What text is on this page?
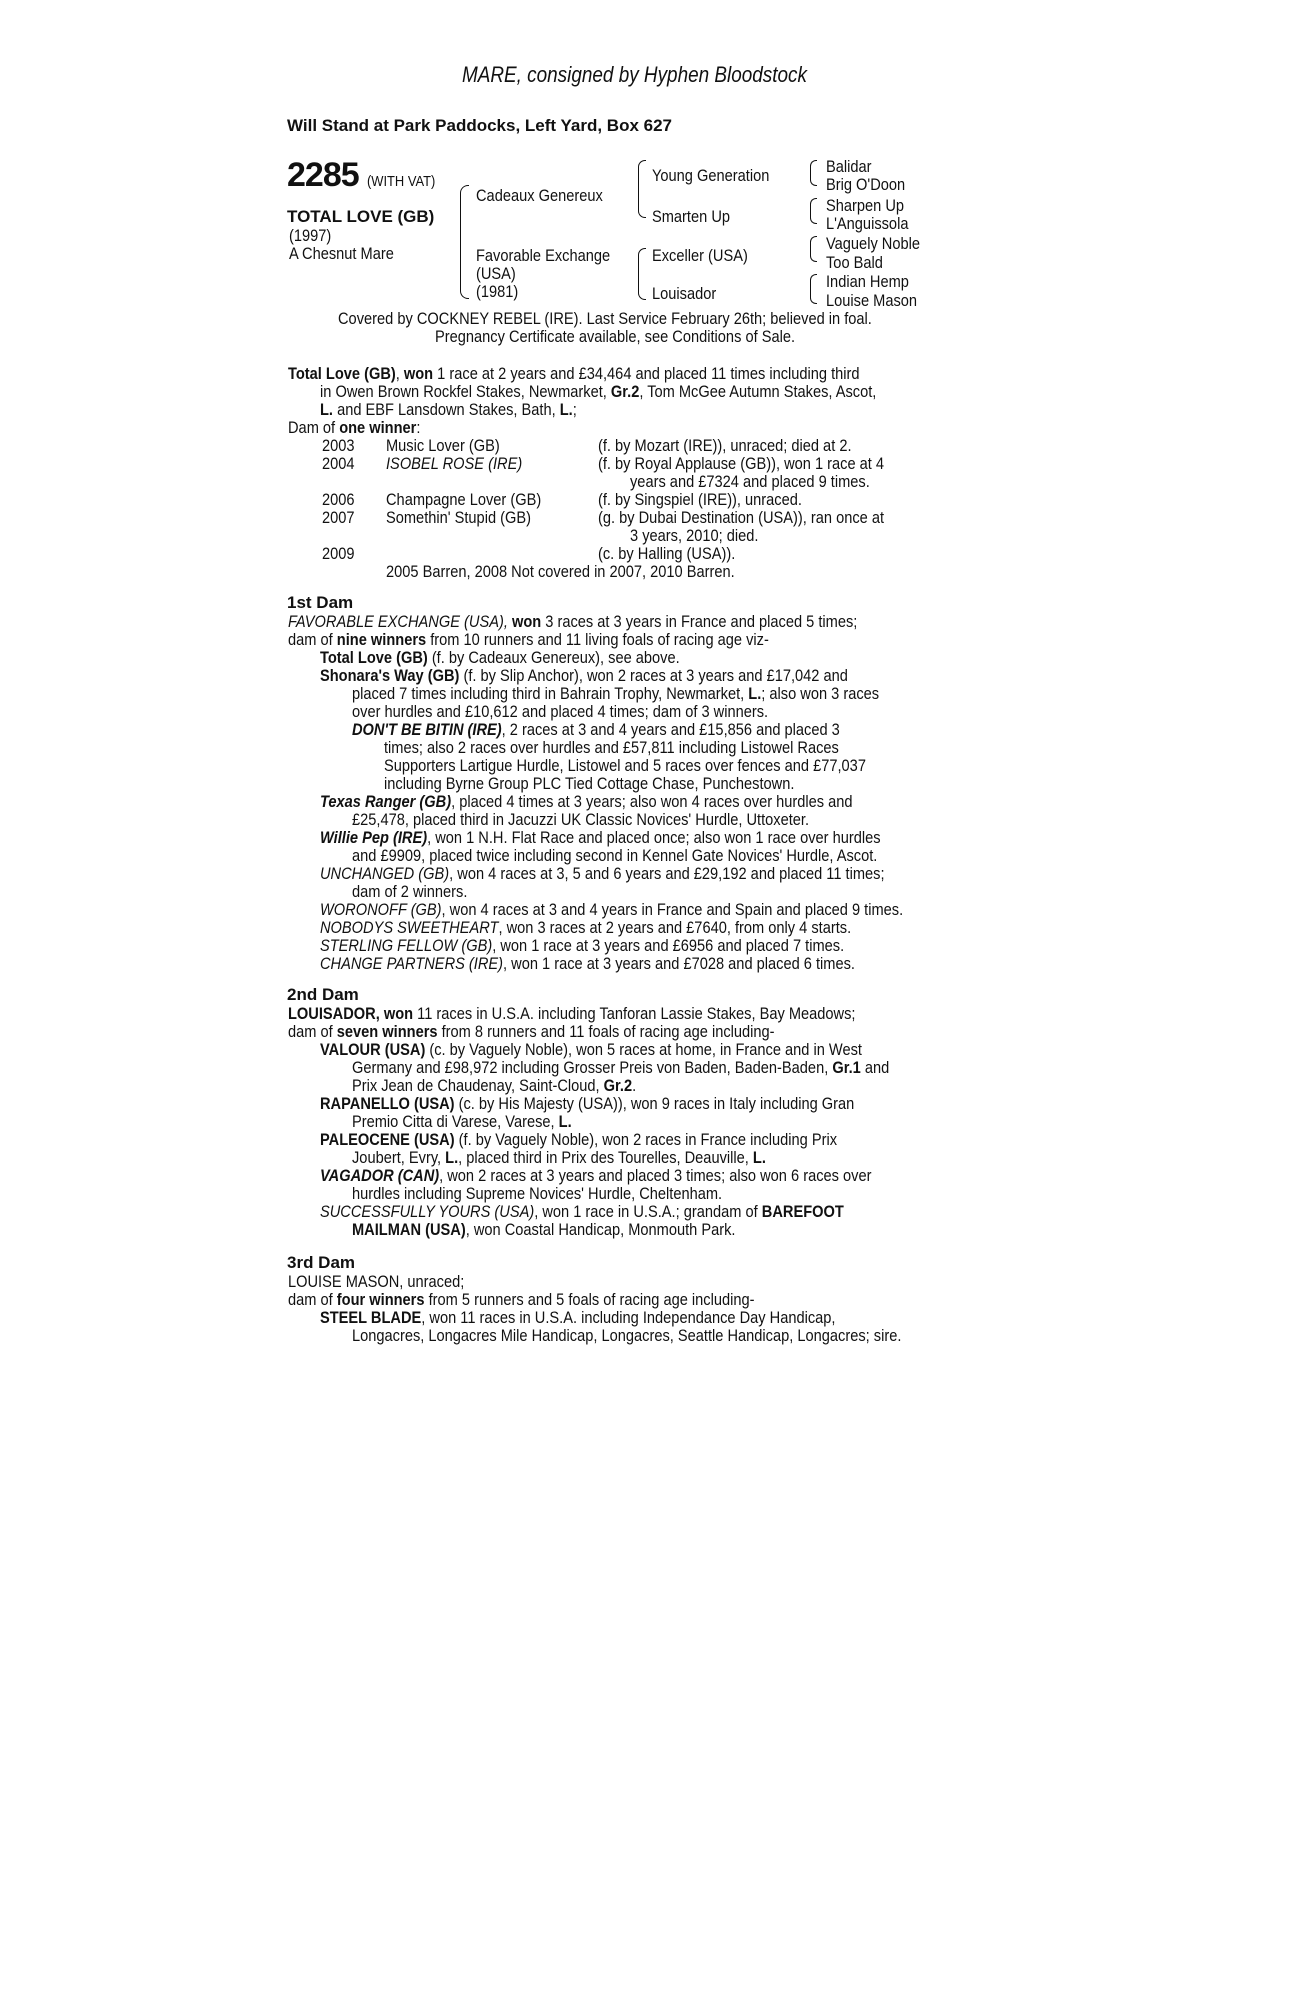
MARE, consigned by Hyphen Bloodstock
Will Stand at Park Paddocks, Left Yard, Box 627
2285 (WITH VAT)
TOTAL LOVE (GB)
(1997)
A Chesnut Mare
Cadeaux Genereux
Favorable Exchange
(USA)
(1981)
Young Generation
Smarten Up
Exceller (USA)
Louisador
Balidar
Brig O'Doon
Sharpen Up
L'Anguissola
Vaguely Noble
Too Bald
Indian Hemp
Louise Mason
Covered by COCKNEY REBEL (IRE). Last Service February 26th; believed in foal.
Pregnancy Certificate available, see Conditions of Sale.
Total Love (GB), won 1 race at 2 years and £34,464 and placed 11 times including third
in Owen Brown Rockfel Stakes, Newmarket, Gr.2, Tom McGee Autumn Stakes, Ascot,
L. and EBF Lansdown Stakes, Bath, L.;
Dam of one winner:
2003 Music Lover (GB)	(f. by Mozart (IRE)), unraced; died at 2.
2004 ISOBEL ROSE (IRE)	(f. by Royal Applause (GB)), won 1 race at 4
years and £7324 and placed 9 times.
2006 Champagne Lover (GB)	(f. by Singspiel (IRE)), unraced.
2007 Somethin' Stupid (GB)	(g. by Dubai Destination (USA)), ran once at
3 years, 2010; died.
2009	(c. by Halling (USA)).
2005 Barren, 2008 Not covered in 2007, 2010 Barren.
1st Dam
FAVORABLE EXCHANGE (USA), won 3 races at 3 years in France and placed 5 times;
dam of nine winners from 10 runners and 11 living foals of racing age viz-
Total Love (GB) (f. by Cadeaux Genereux), see above.
Shonara's Way (GB) (f. by Slip Anchor), won 2 races at 3 years and £17,042 and
placed 7 times including third in Bahrain Trophy, Newmarket, L.; also won 3 races
over hurdles and £10,612 and placed 4 times; dam of 3 winners.
DON'T BE BITIN (IRE), 2 races at 3 and 4 years and £15,856 and placed 3
times; also 2 races over hurdles and £57,811 including Listowel Races
Supporters Lartigue Hurdle, Listowel and 5 races over fences and £77,037
including Byrne Group PLC Tied Cottage Chase, Punchestown.
Texas Ranger (GB), placed 4 times at 3 years; also won 4 races over hurdles and
£25,478, placed third in Jacuzzi UK Classic Novices' Hurdle, Uttoxeter.
Willie Pep (IRE), won 1 N.H. Flat Race and placed once; also won 1 race over hurdles
and £9909, placed twice including second in Kennel Gate Novices' Hurdle, Ascot.
UNCHANGED (GB), won 4 races at 3, 5 and 6 years and £29,192 and placed 11 times;
dam of 2 winners.
WORONOFF (GB), won 4 races at 3 and 4 years in France and Spain and placed 9 times.
NOBODYS SWEETHEART, won 3 races at 2 years and £7640, from only 4 starts.
STERLING FELLOW (GB), won 1 race at 3 years and £6956 and placed 7 times.
CHANGE PARTNERS (IRE), won 1 race at 3 years and £7028 and placed 6 times.
2nd Dam
LOUISADOR, won 11 races in U.S.A. including Tanforan Lassie Stakes, Bay Meadows;
dam of seven winners from 8 runners and 11 foals of racing age including-
VALOUR (USA) (c. by Vaguely Noble), won 5 races at home, in France and in West
Germany and £98,972 including Grosser Preis von Baden, Baden-Baden, Gr.1 and
Prix Jean de Chaudenay, Saint-Cloud, Gr.2.
RAPANELLO (USA) (c. by His Majesty (USA)), won 9 races in Italy including Gran
Premio Citta di Varese, Varese, L.
PALEOCENE (USA) (f. by Vaguely Noble), won 2 races in France including Prix
Joubert, Evry, L., placed third in Prix des Tourelles, Deauville, L.
VAGADOR (CAN), won 2 races at 3 years and placed 3 times; also won 6 races over
hurdles including Supreme Novices' Hurdle, Cheltenham.
SUCCESSFULLY YOURS (USA), won 1 race in U.S.A.; grandam of BAREFOOT
MAILMAN (USA), won Coastal Handicap, Monmouth Park.
3rd Dam
LOUISE MASON, unraced;
dam of four winners from 5 runners and 5 foals of racing age including-
STEEL BLADE, won 11 races in U.S.A. including Independance Day Handicap,
Longacres, Longacres Mile Handicap, Longacres, Seattle Handicap, Longacres; sire.
